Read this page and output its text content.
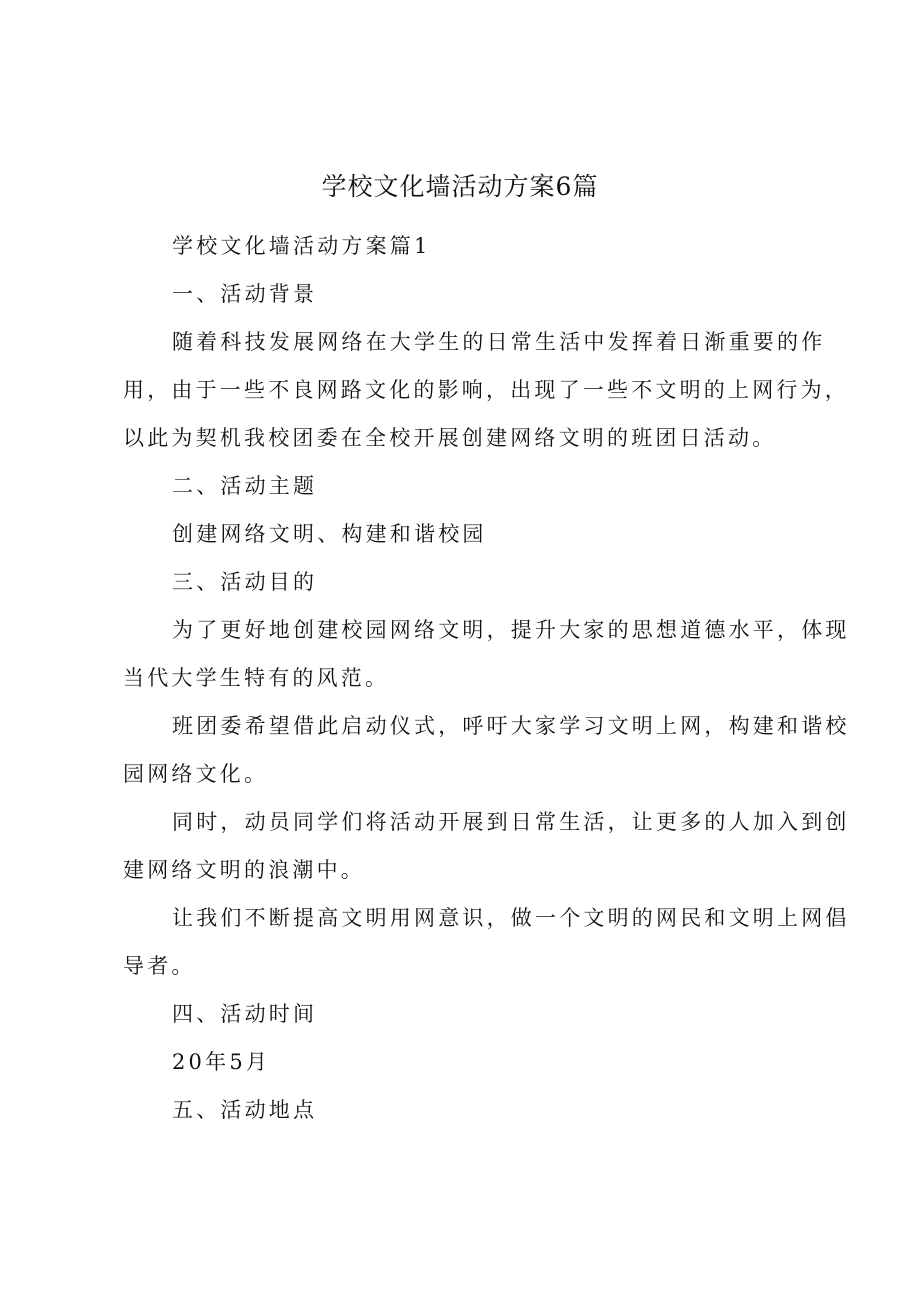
学校文化墙活动方案6篇

学校文化墙活动方案篇1

一、活动背景

随着科技发展网络在大学生的日常生活中发挥着日渐重要的作
用，由于一些不良网路文化的影响，出现了一些不文明的上网行为，
以此为契机我校团委在全校开展创建网络文明的班团日活动。

二、活动主题

创建网络文明、构建和谐校园

三、活动目的

为了更好地创建校园网络文明，提升大家的思想道德水平，体现
当代大学生特有的风范。

班团委希望借此启动仪式，呼吁大家学习文明上网，构建和谐校
园网络文化。

同时，动员同学们将活动开展到日常生活，让更多的人加入到创
建网络文明的浪潮中。

让我们不断提高文明用网意识，做一个文明的网民和文明上网倡
导者。

四、活动时间

20年5月

五、活动地点
